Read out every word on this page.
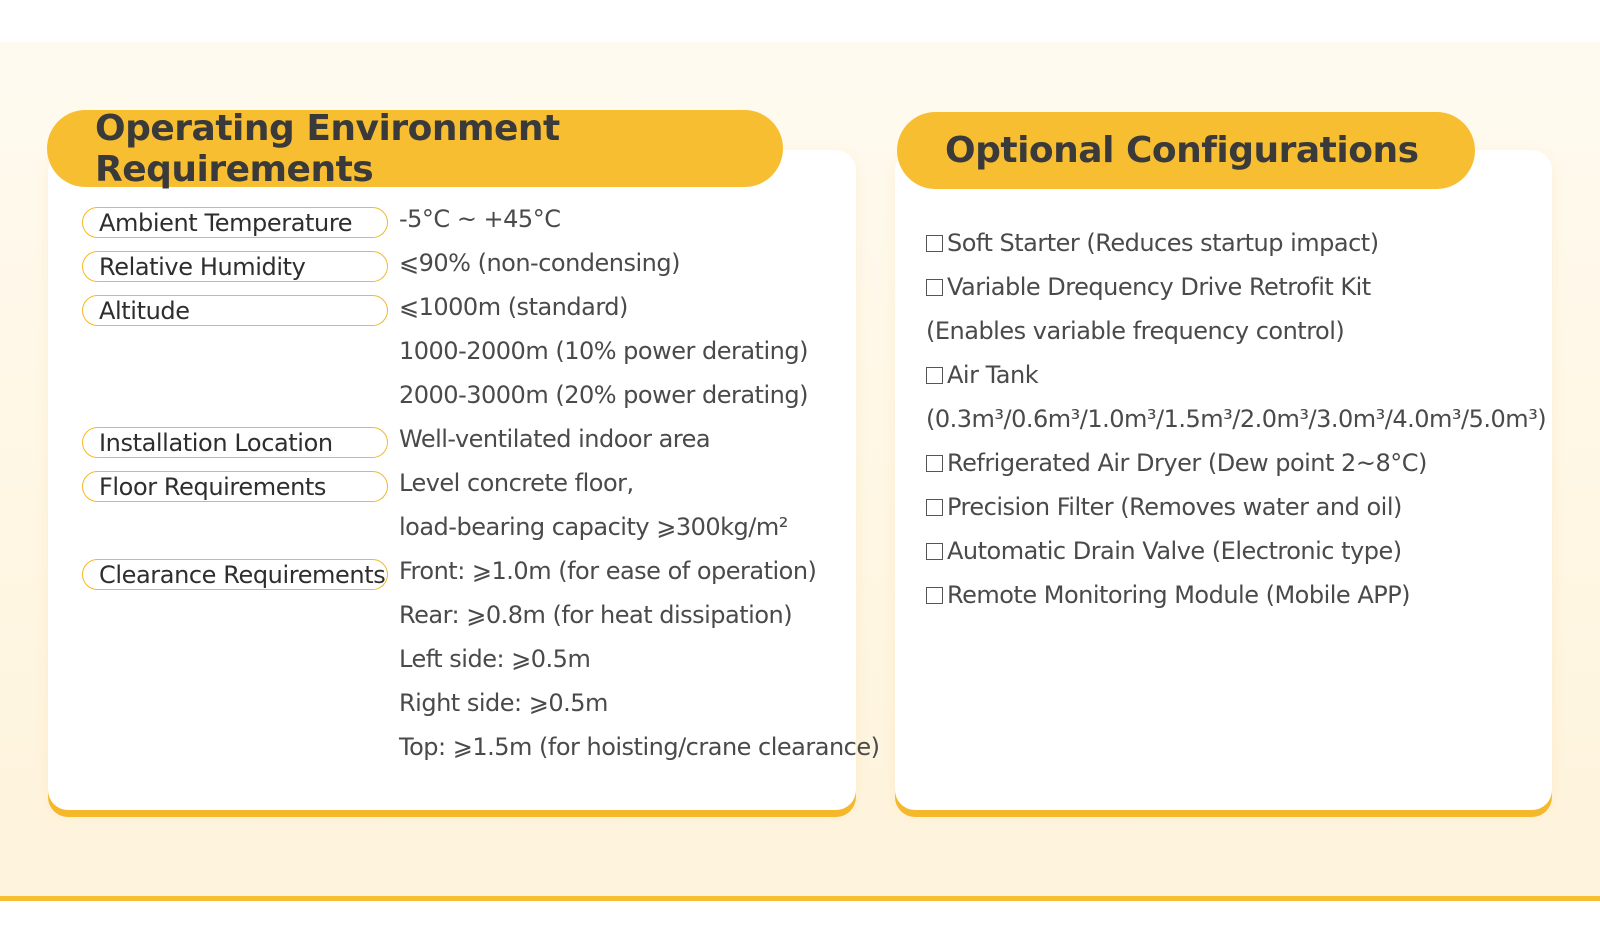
Operating Environment Requirements	Optional Configurations
Ambient Temperature	-5°C ~ +45°C
Relative Humidity	⩽90% (non-condensing)
Altitude	⩽1000m (standard)
1000-2000m (10% power derating)
2000-3000m (20% power derating)
Installation Location	Well-ventilated indoor area
Floor Requirements	Level concrete floor,
load-bearing capacity ⩾300kg/m²
Clearance Requirements Front: ⩾1.0m (for ease of operation)
Rear: ⩾0.8m (for heat dissipation)
Left side: ⩾0.5m
Right side: ⩾0.5m
Top: ⩾1.5m (for hoisting/crane clearance)
Soft Starter (Reduces startup impact)
Variable Drequency Drive Retrofit Kit
(Enables variable frequency control)
Air Tank
(0.3m³/0.6m³/1.0m³/1.5m³/2.0m³/3.0m³/4.0m³/5.0m³)
Refrigerated Air Dryer (Dew point 2~8°C)
Precision Filter (Removes water and oil)
Automatic Drain Valve (Electronic type)
Remote Monitoring Module (Mobile APP)
